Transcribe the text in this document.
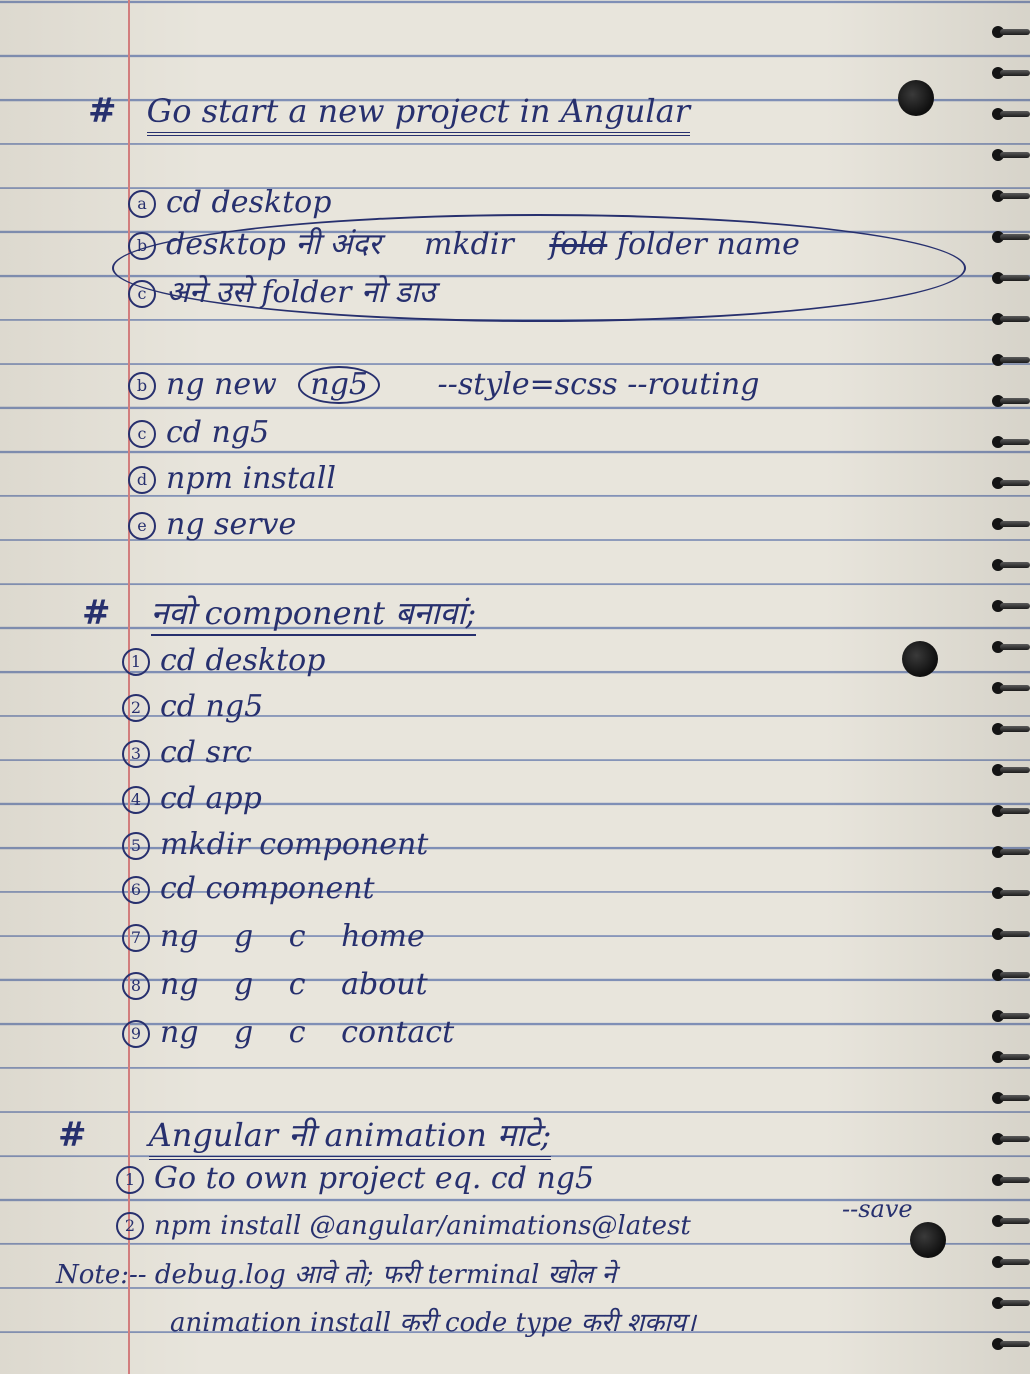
# Go start a new project in Angular
a cd desktop
b desktop नी अंदर mkdir fold folder name
c अने उसे folder नो डाउ
b ng new ng5 --style=scss --routing
c cd ng5
d npm install
e ng serve
# नवो component बनावां;
1 cd desktop
2 cd ng5
3 cd src
4 cd app
5 mkdir component
6 cd component
7 ng g c home
8 ng g c about
9 ng g c contact
# Angular नी animation माटे;
1 Go to own project eq. cd ng5
2 npm install @angular/animations@latest
--save
Note:-- debug.log आवे तो; फरी terminal खोल ने
animation install करी code type करी शकाय।
